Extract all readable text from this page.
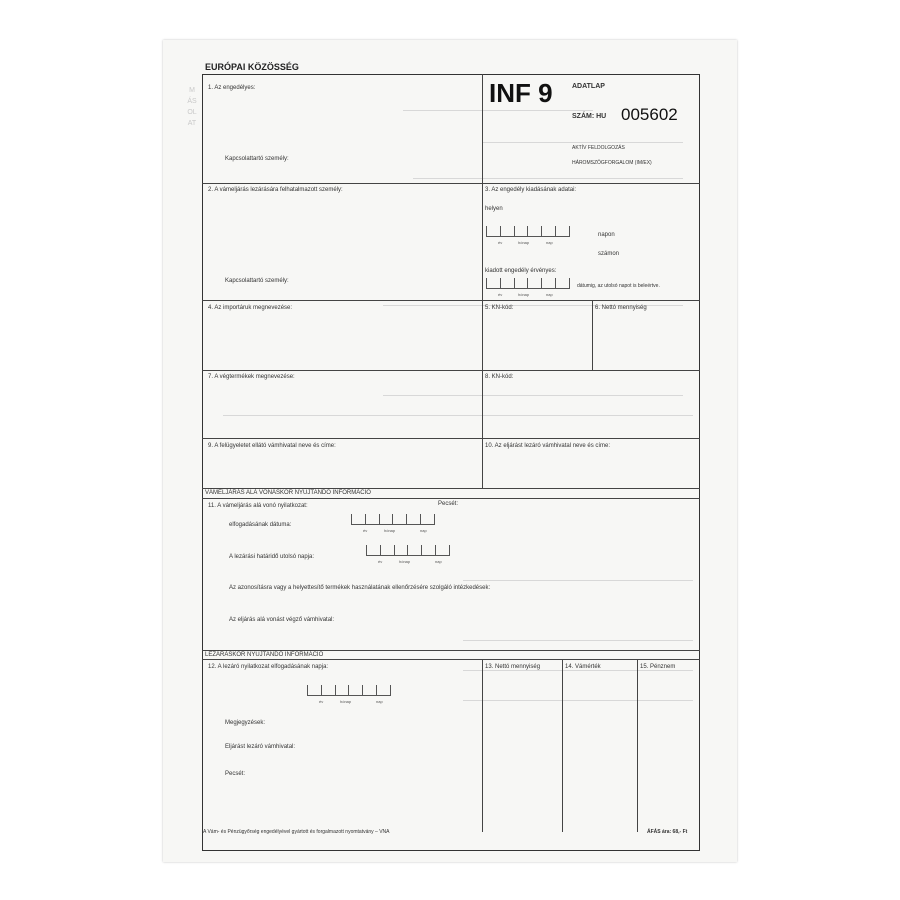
MÁSOLAT
EURÓPAI KÖZÖSSÉG
INF 9	ADATLAP
SZÁM: HU 005602
AKTÍV FELDOLGOZÁS
HÁROMSZÖGFORGALOM (IM/EX)
1. Az engedélyes:
Kapcsolattartó személy:
2. A vámeljárás lezárására felhatalmazott személy:
Kapcsolattartó személy:
3. Az engedély kiadásának adatai:
helyen
év	hónap	nap
napon
számon
kiadott engedély érvényes:
év	hónap	nap
dátumig, az utolsó napot is beleértve.
4. Az importáruk megnevezése:	5. KN-kód:	6. Nettó mennyiség
7. A végtermékek megnevezése:	8. KN-kód:
9. A felügyeletet ellátó vámhivatal neve és címe:	10. Az eljárást lezáró vámhivatal neve és címe:
VÁMELJÁRÁS ALÁ VONÁSKOR NYÚJTANDÓ INFORMÁCIÓ
11. A vámeljárás alá vonó nyilatkozat:	Pecsét:
elfogadásának dátuma:
év	hónap	nap
A lezárási határidő utolsó napja:
év	hónap	nap
Az azonosításra vagy a helyettesítő termékek használatának ellenőrzésére szolgáló intézkedések:
Az eljárás alá vonást végző vámhivatal:
LEZÁRÁSKOR NYÚJTANDÓ INFORMÁCIÓ
12. A lezáró nyilatkozat elfogadásának napja:
év	hónap	nap
Megjegyzések:
Eljárást lezáró vámhivatal:
Pecsét:
13. Nettó mennyiség	14. Vámérték	15. Pénznem
A Vám- és Pénzügyőrség engedélyével gyártott és forgalmazott nyomtatvány – VNA	ÁFÁS ára: 68,- Ft
